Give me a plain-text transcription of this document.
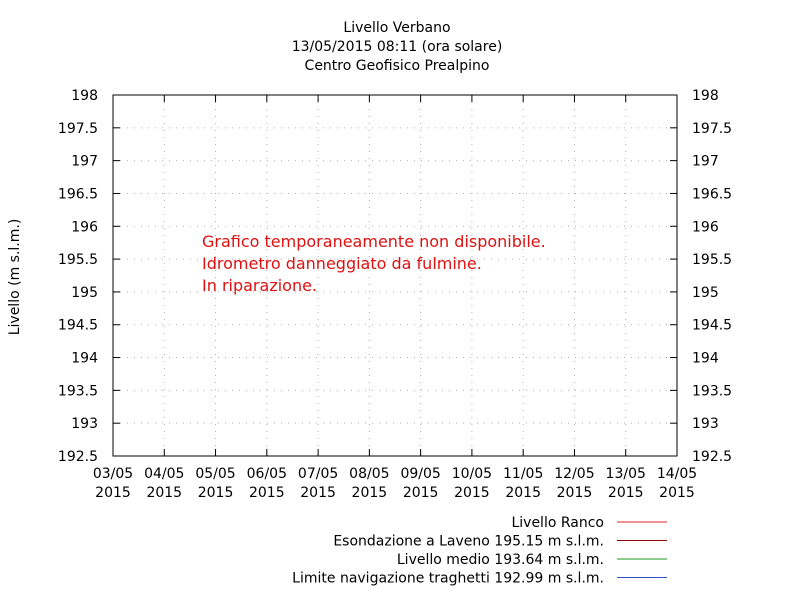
Livello Verbano
13/05/2015 08:11 (ora solare)
Centro Geofisico Prealpino
Livello (m s.l.m.)
198	198
197.5	197.5
197	197
196.5	196.5
196	196
195.5	195.5
195	195
194.5	194.5
194	194
193.5	193.5
193	193
192.5	192.5
03/05
2015
04/05
2015
05/05
2015
06/05
2015
07/05
2015
08/05
2015
09/05
2015
10/05
2015
11/05
2015
12/05
2015
13/05
2015
14/05
2015
Grafico temporaneamente non disponibile.
Idrometro danneggiato da fulmine.
In riparazione.
Livello Ranco
Esondazione a Laveno 195.15 m s.l.m.
Livello medio 193.64 m s.l.m.
Limite navigazione traghetti 192.99 m s.l.m.
